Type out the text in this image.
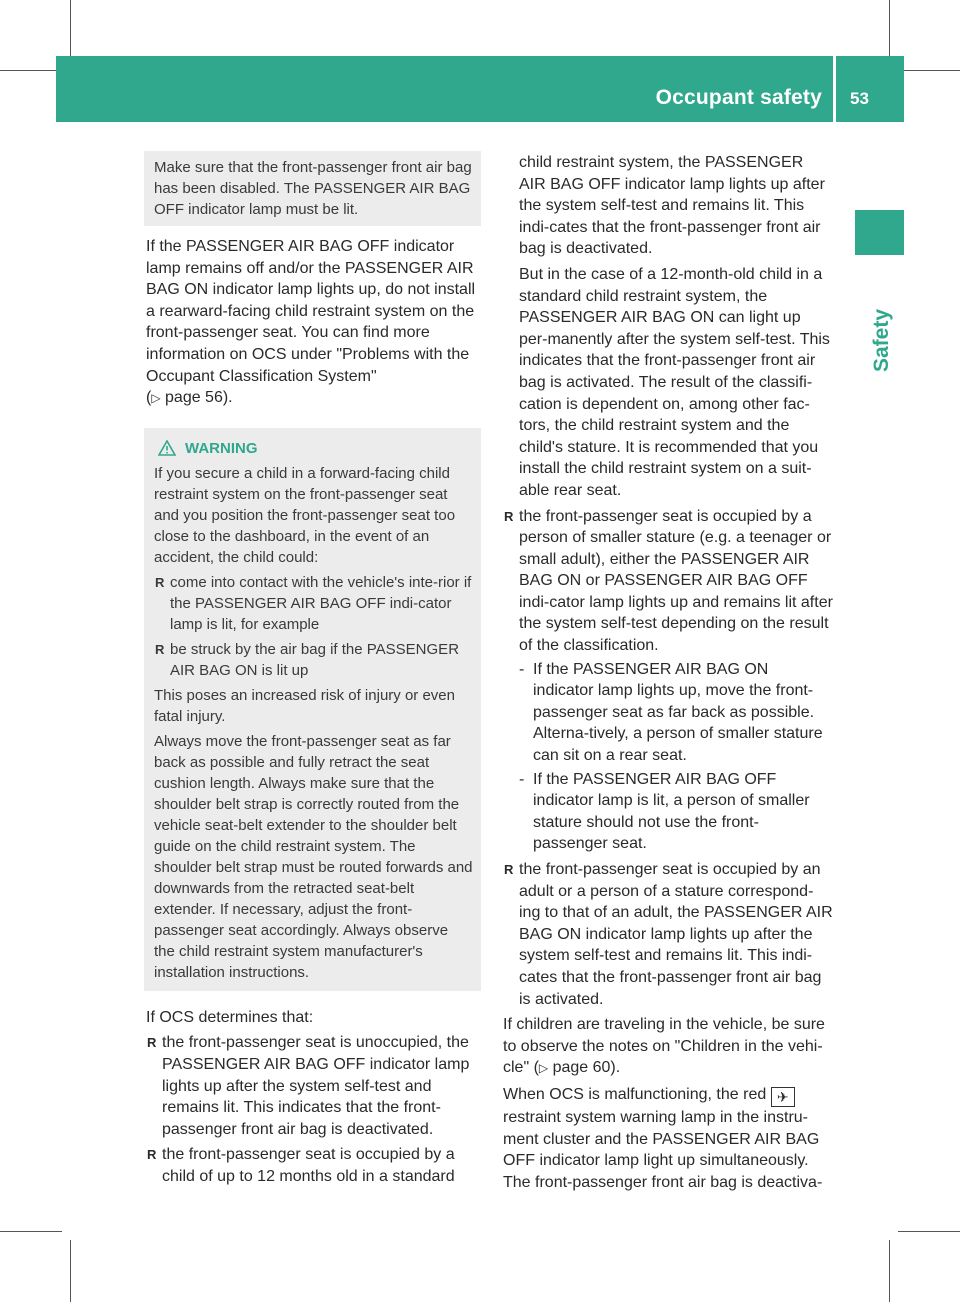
Occupant safety 53
Safety

Make sure that the front-passenger front air bag has been disabled. The PASSENGER AIR BAG OFF indicator lamp must be lit.

If the PASSENGER AIR BAG OFF indicator lamp remains off and/or the PASSENGER AIR BAG ON indicator lamp lights up, do not install a rearward-facing child restraint system on the front-passenger seat. You can find more information on OCS under "Problems with the Occupant Classification System"
(▷ page 56).

WARNING

If you secure a child in a forward-facing child restraint system on the front-passenger seat and you position the front-passenger seat too close to the dashboard, in the event of an accident, the child could:

R come into contact with the vehicle's inte-rior if the PASSENGER AIR BAG OFF indi-cator lamp is lit, for example
R be struck by the air bag if the PASSENGER AIR BAG ON is lit up

This poses an increased risk of injury or even fatal injury.

Always move the front-passenger seat as far back as possible and fully retract the seat cushion length. Always make sure that the shoulder belt strap is correctly routed from the vehicle seat-belt extender to the shoulder belt guide on the child restraint system. The shoulder belt strap must be routed forwards and downwards from the retracted seat-belt extender. If necessary, adjust the front-passenger seat accordingly. Always observe the child restraint system manufacturer's installation instructions.

If OCS determines that:

R the front-passenger seat is unoccupied, the PASSENGER AIR BAG OFF indicator lamp lights up after the system self-test and remains lit. This indicates that the front-passenger front air bag is deactivated.
R the front-passenger seat is occupied by a child of up to 12 months old in a standard

child restraint system, the PASSENGER AIR BAG OFF indicator lamp lights up after the system self-test and remains lit. This indi-cates that the front-passenger front air bag is deactivated.

But in the case of a 12-month-old child in a standard child restraint system, the PASSENGER AIR BAG ON can light up per-manently after the system self-test. This indicates that the front-passenger front air bag is activated. The result of the classifi-cation is dependent on, among other fac-tors, the child restraint system and the child's stature. It is recommended that you install the child restraint system on a suit-able rear seat.

R the front-passenger seat is occupied by a person of smaller stature (e.g. a teenager or small adult), either the PASSENGER AIR BAG ON or PASSENGER AIR BAG OFF indi-cator lamp lights up and remains lit after the system self-test depending on the result of the classification.
- If the PASSENGER AIR BAG ON indicator lamp lights up, move the front-passenger seat as far back as possible. Alterna-tively, a person of smaller stature can sit on a rear seat.
- If the PASSENGER AIR BAG OFF indicator lamp is lit, a person of smaller stature should not use the front-passenger seat.
R the front-passenger seat is occupied by an adult or a person of a stature correspond-ing to that of an adult, the PASSENGER AIR BAG ON indicator lamp lights up after the system self-test and remains lit. This indi-cates that the front-passenger front air bag is activated.

If children are traveling in the vehicle, be sure to observe the notes on "Children in the vehi-cle" (▷ page 60).

When OCS is malfunctioning, the red ✈
restraint system warning lamp in the instru-ment cluster and the PASSENGER AIR BAG OFF indicator lamp light up simultaneously. The front-passenger front air bag is deactiva-
